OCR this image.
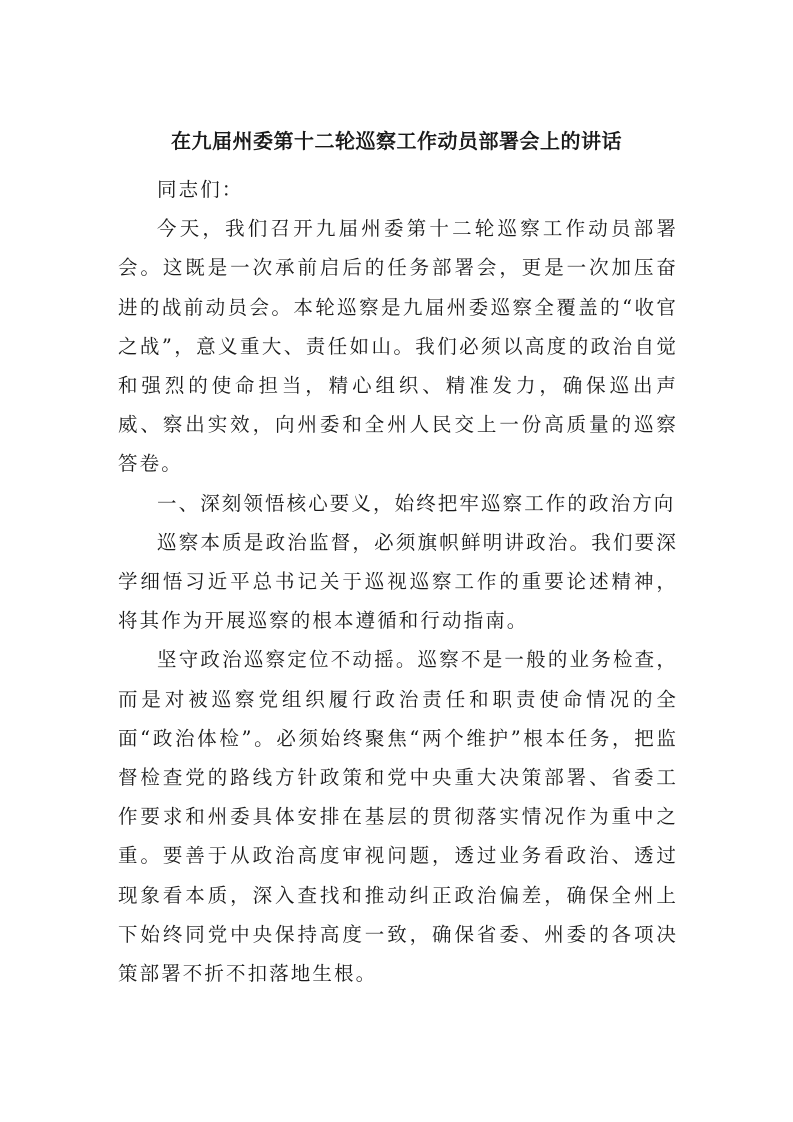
在九届州委第十二轮巡察工作动员部署会上的讲话

同志们：

今天，我们召开九届州委第十二轮巡察工作动员部署会。这既是一次承前启后的任务部署会，更是一次加压奋进的战前动员会。本轮巡察是九届州委巡察全覆盖的“收官之战”，意义重大、责任如山。我们必须以高度的政治自觉和强烈的使命担当，精心组织、精准发力，确保巡出声威、察出实效，向州委和全州人民交上一份高质量的巡察答卷。

一、深刻领悟核心要义，始终把牢巡察工作的政治方向

巡察本质是政治监督，必须旗帜鲜明讲政治。我们要深学细悟习近平总书记关于巡视巡察工作的重要论述精神，将其作为开展巡察的根本遵循和行动指南。

坚守政治巡察定位不动摇。巡察不是一般的业务检查，而是对被巡察党组织履行政治责任和职责使命情况的全面“政治体检”。必须始终聚焦“两个维护”根本任务，把监督检查党的路线方针政策和党中央重大决策部署、省委工作要求和州委具体安排在基层的贯彻落实情况作为重中之重。要善于从政治高度审视问题，透过业务看政治、透过现象看本质，深入查找和推动纠正政治偏差，确保全州上下始终同党中央保持高度一致，确保省委、州委的各项决策部署不折不扣落地生根。
